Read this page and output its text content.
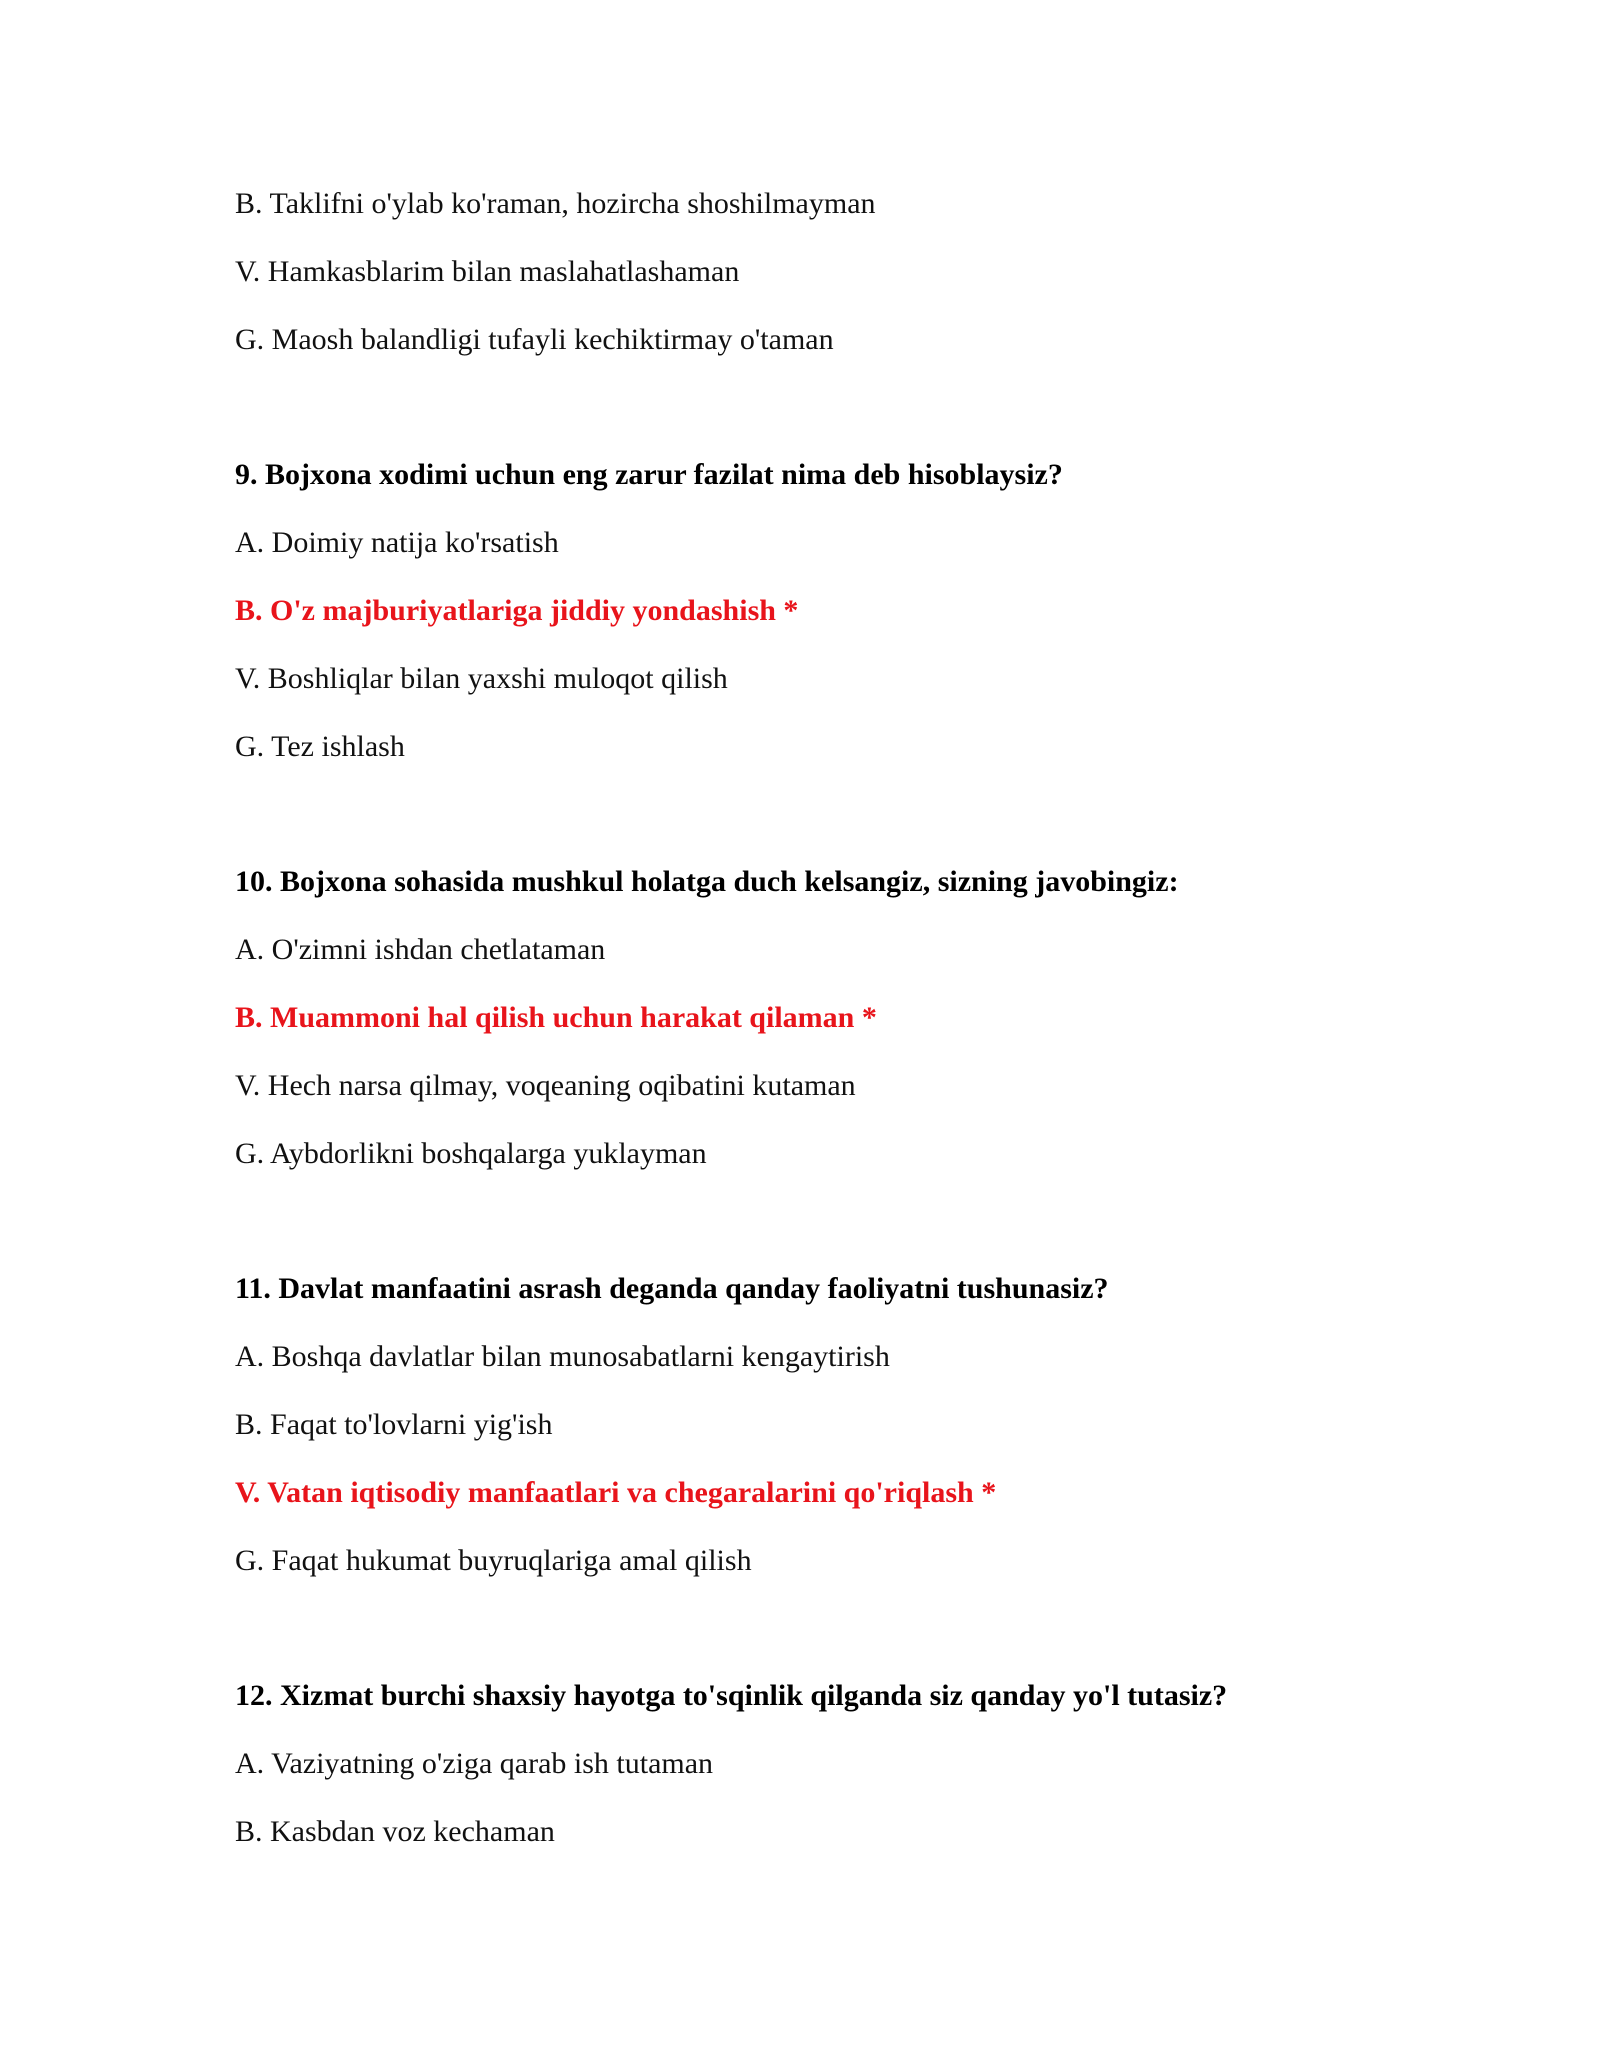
B. Taklifni o'ylab ko'raman, hozircha shoshilmayman
V. Hamkasblarim bilan maslahatlashaman
G. Maosh balandligi tufayli kechiktirmay o'taman
9. Bojxona xodimi uchun eng zarur fazilat nima deb hisoblaysiz?
A. Doimiy natija ko'rsatish
B. O'z majburiyatlariga jiddiy yondashish *
V. Boshliqlar bilan yaxshi muloqot qilish
G. Tez ishlash
10. Bojxona sohasida mushkul holatga duch kelsangiz, sizning javobingiz:
A. O'zimni ishdan chetlataman
B. Muammoni hal qilish uchun harakat qilaman *
V. Hech narsa qilmay, voqeaning oqibatini kutaman
G. Aybdorlikni boshqalarga yuklayman
11. Davlat manfaatini asrash deganda qanday faoliyatni tushunasiz?
A. Boshqa davlatlar bilan munosabatlarni kengaytirish
B. Faqat to'lovlarni yig'ish
V. Vatan iqtisodiy manfaatlari va chegaralarini qo'riqlash *
G. Faqat hukumat buyruqlariga amal qilish
12. Xizmat burchi shaxsiy hayotga to'sqinlik qilganda siz qanday yo'l tutasiz?
A. Vaziyatning o'ziga qarab ish tutaman
B. Kasbdan voz kechaman
